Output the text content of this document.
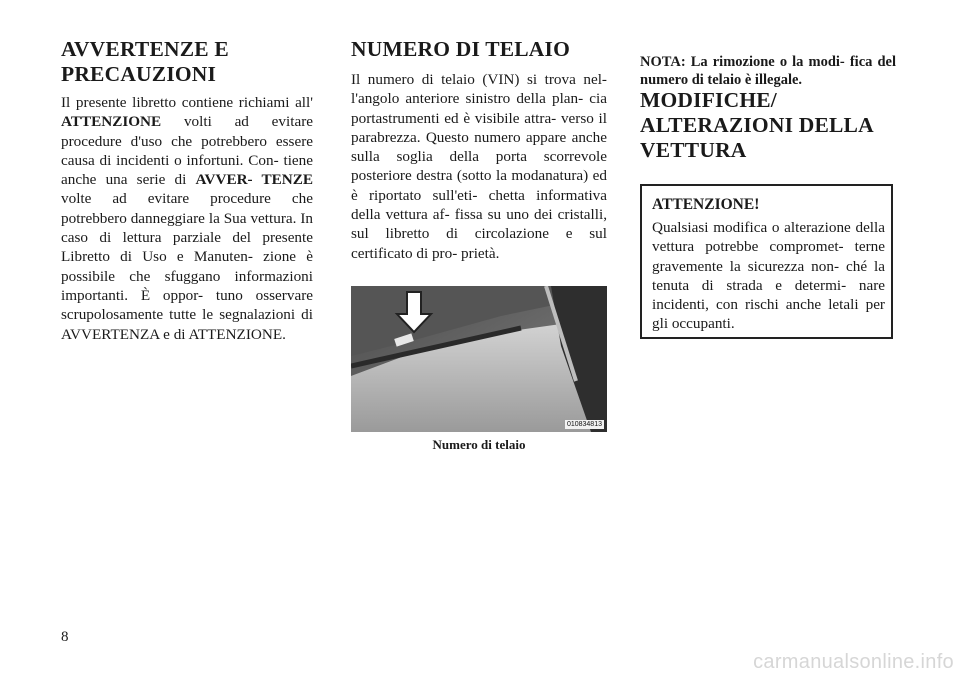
AVVERTENZE E
PRECAUZIONI

Il presente libretto contiene richiami all' ATTENZIONE volti ad evitare procedure d'uso che potrebbero essere causa di incidenti o infortuni. Con- tiene anche una serie di AVVER- TENZE volte ad evitare procedure che potrebbero danneggiare la Sua vettura. In caso di lettura parziale del presente Libretto di Uso e Manuten- zione è possibile che sfuggano informazioni importanti. È oppor- tuno osservare scrupolosamente tutte le segnalazioni di AVVERTENZA e di ATTENZIONE.

NUMERO DI TELAIO

Il numero di telaio (VIN) si trova nel- l'angolo anteriore sinistro della plan- cia portastrumenti ed è visibile attra- verso il parabrezza. Questo numero appare anche sulla soglia della porta scorrevole posteriore destra (sotto la modanatura) ed è riportato sull'eti- chetta informativa della vettura af- fissa su uno dei cristalli, sul libretto di circolazione e sul certificato di pro- prietà.

010834813
Numero di telaio

NOTA: La rimozione o la modi- fica del numero di telaio è illegale.

MODIFICHE/
ALTERAZIONI DELLA
VETTURA
ATTENZIONE!

Qualsiasi modifica o alterazione della vettura potrebbe compromet- terne gravemente la sicurezza non- ché la tenuta di strada e determi- nare incidenti, con rischi anche letali per gli occupanti.

8
carmanualsonline.info
